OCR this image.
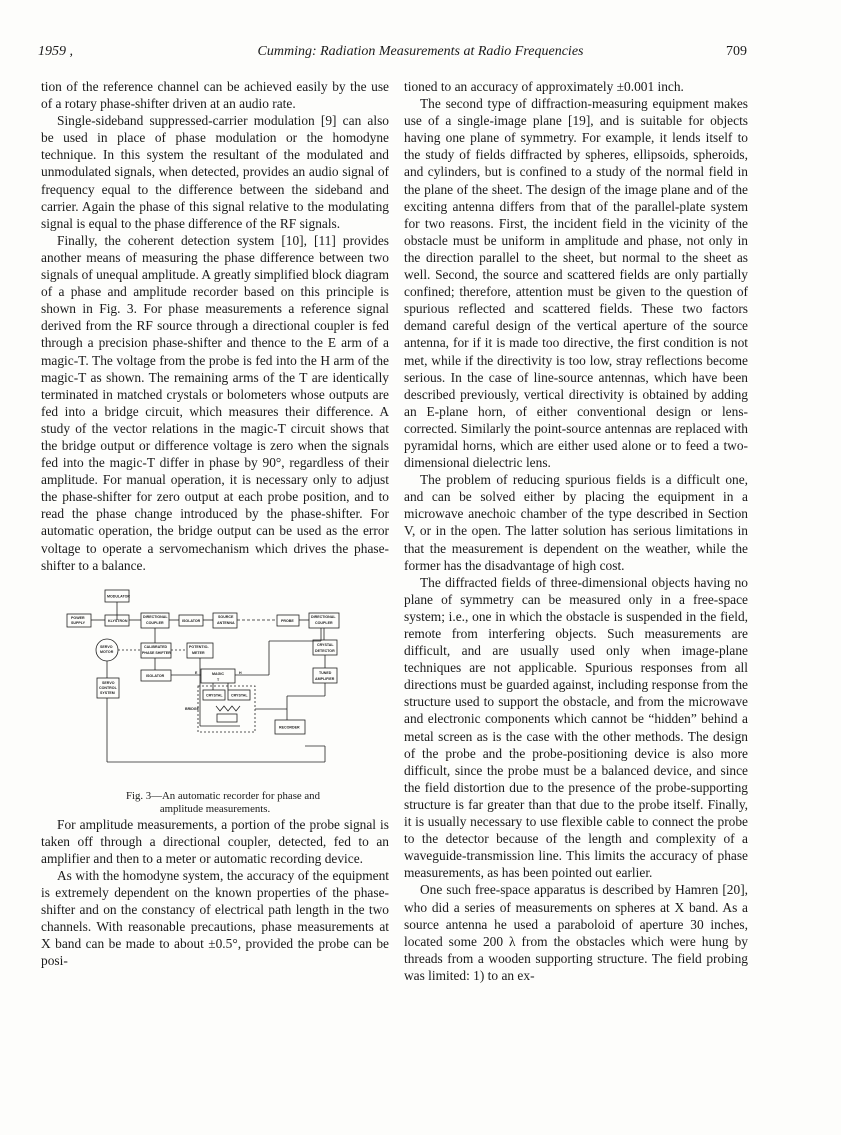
1959 ,	Cumming: Radiation Measurements at Radio Frequencies	709

tion of the reference channel can be achieved easily by the use of a rotary phase-shifter driven at an audio rate.

Single-sideband suppressed-carrier modulation [9] can also be used in place of phase modulation or the homodyne technique. In this system the resultant of the modulated and unmodulated signals, when detected, provides an audio signal of frequency equal to the difference between the sideband and carrier. Again the phase of this signal relative to the modulating signal is equal to the phase difference of the RF signals.

Finally, the coherent detection system [10], [11] provides another means of measuring the phase difference between two signals of unequal amplitude. A greatly simplified block diagram of a phase and amplitude recorder based on this principle is shown in Fig. 3. For phase measurements a reference signal derived from the RF source through a directional coupler is fed through a precision phase-shifter and thence to the E arm of a magic-T. The voltage from the probe is fed into the H arm of the magic-T as shown. The remaining arms of the T are identically terminated in matched crystals or bolometers whose outputs are fed into a bridge circuit, which measures their difference. A study of the vector relations in the magic-T circuit shows that the bridge output or difference voltage is zero when the signals fed into the magic-T differ in phase by 90°, regardless of their amplitude. For manual operation, it is necessary only to adjust the phase-shifter for zero output at each probe position, and to read the phase change introduced by the phase-shifter. For automatic operation, the bridge output can be used as the error voltage to operate a servomechanism which drives the phase-shifter to a balance.

MODULATOR
POWER
SUPPLY	KLYSTRON
DIRECTIONAL
COUPLER	ISOLATOR
SOURCE
ANTENNA	PROBE
DIRECTIONAL
COUPLER
SERVO
MOTOR
CALIBRATED
PHASE SHIFTER
POTENTIO-
METER
CRYSTAL
DETECTOR
ISOLATOR	MAGIC
T
E	H	TUNED
AMPLIFIER
SERVO
CONTROL
SYSTEM
CRYSTAL CRYSTAL
BRIDGE
RECORDER

Fig. 3—An automatic recorder for phase and
amplitude measurements.

For amplitude measurements, a portion of the probe signal is taken off through a directional coupler, detected, fed to an amplifier and then to a meter or automatic recording device.

As with the homodyne system, the accuracy of the equipment is extremely dependent on the known properties of the phase-shifter and on the constancy of electrical path length in the two channels. With reasonable precautions, phase measurements at X band can be made to about ±0.5°, provided the probe can be posi-

tioned to an accuracy of approximately ±0.001 inch.

The second type of diffraction-measuring equipment makes use of a single-image plane [19], and is suitable for objects having one plane of symmetry. For example, it lends itself to the study of fields diffracted by spheres, ellipsoids, spheroids, and cylinders, but is confined to a study of the normal field in the plane of the sheet. The design of the image plane and of the exciting antenna differs from that of the parallel-plate system for two reasons. First, the incident field in the vicinity of the obstacle must be uniform in amplitude and phase, not only in the direction parallel to the sheet, but normal to the sheet as well. Second, the source and scattered fields are only partially confined; therefore, attention must be given to the question of spurious reflected and scattered fields. These two factors demand careful design of the vertical aperture of the source antenna, for if it is made too directive, the first condition is not met, while if the directivity is too low, stray reflections become serious. In the case of line-source antennas, which have been described previously, vertical directivity is obtained by adding an E-plane horn, of either conventional design or lens-corrected. Similarly the point-source antennas are replaced with pyramidal horns, which are either used alone or to feed a two-dimensional dielectric lens.

The problem of reducing spurious fields is a difficult one, and can be solved either by placing the equipment in a microwave anechoic chamber of the type described in Section V, or in the open. The latter solution has serious limitations in that the measurement is dependent on the weather, while the former has the disadvantage of high cost.

The diffracted fields of three-dimensional objects having no plane of symmetry can be measured only in a free-space system; i.e., one in which the obstacle is suspended in the field, remote from interfering objects. Such measurements are difficult, and are usually used only when image-plane techniques are not applicable. Spurious responses from all directions must be guarded against, including response from the structure used to support the obstacle, and from the microwave and electronic components which cannot be “hidden” behind a metal screen as is the case with the other methods. The design of the probe and the probe-positioning device is also more difficult, since the probe must be a balanced device, and since the field distortion due to the presence of the probe-supporting structure is far greater than that due to the probe itself. Finally, it is usually necessary to use flexible cable to connect the probe to the detector because of the length and complexity of a waveguide-transmission line. This limits the accuracy of phase measurements, as has been pointed out earlier.

One such free-space apparatus is described by Hamren [20], who did a series of measurements on spheres at X band. As a source antenna he used a paraboloid of aperture 30 inches, located some 200 λ from the obstacles which were hung by threads from a wooden supporting structure. The field probing was limited: 1) to an ex-
